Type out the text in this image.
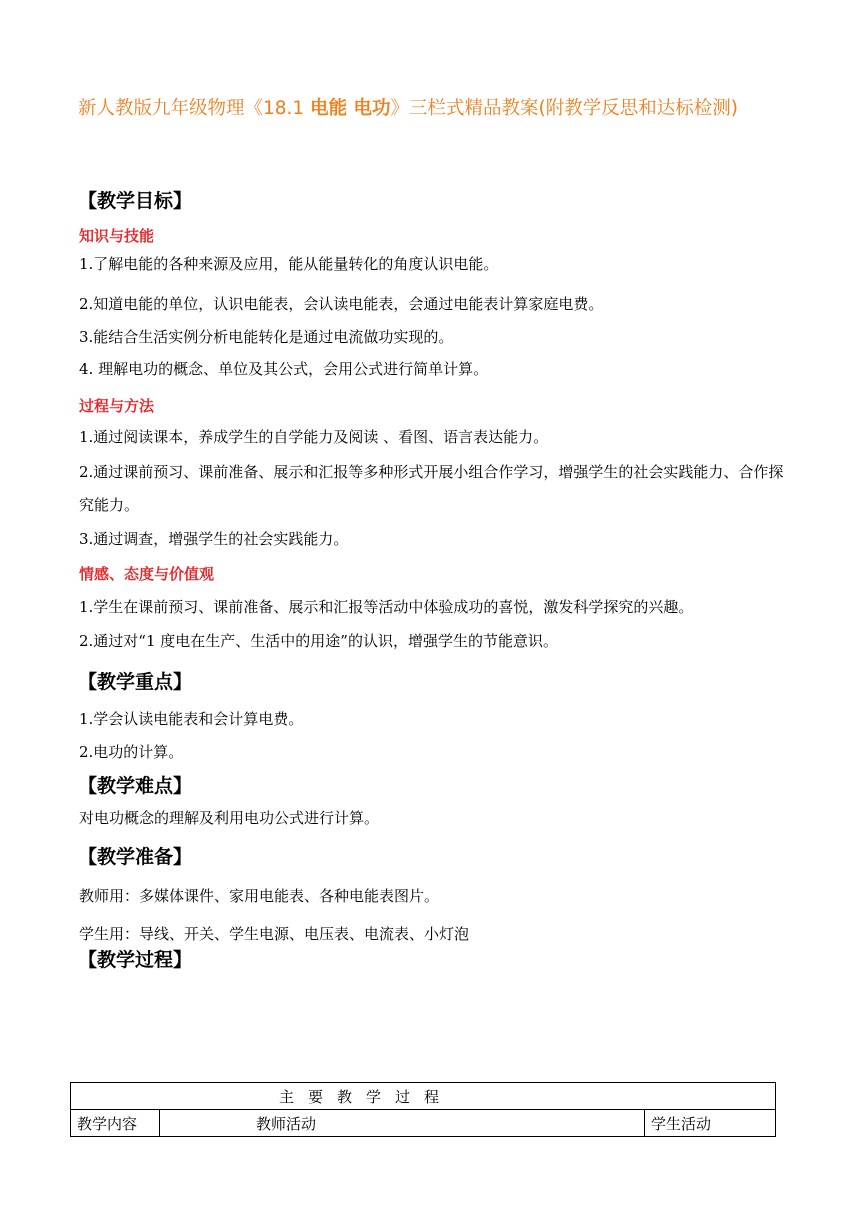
新人教版九年级物理《18.1 电能 电功》三栏式精品教案(附教学反思和达标检测)
【教学目标】
知识与技能
1.了解电能的各种来源及应用，能从能量转化的角度认识电能。
2.知道电能的单位，认识电能表，会认读电能表，会通过电能表计算家庭电费。
3.能结合生活实例分析电能转化是通过电流做功实现的。
4. 理解电功的概念、单位及其公式，会用公式进行简单计算。
过程与方法
1.通过阅读课本，养成学生的自学能力及阅读 、看图、语言表达能力。
2.通过课前预习、课前准备、展示和汇报等多种形式开展小组合作学习，增强学生的社会实践能力、合作探究能力。
3.通过调查，增强学生的社会实践能力。
情感、态度与价值观
1.学生在课前预习、课前准备、展示和汇报等活动中体验成功的喜悦，激发科学探究的兴趣。
2.通过对“1 度电在生产、生活中的用途”的认识，增强学生的节能意识。
【教学重点】
1.学会认读电能表和会计算电费。
2.电功的计算。
【教学难点】
对电功概念的理解及利用电功公式进行计算。
【教学准备】
教师用：多媒体课件、家用电能表、各种电能表图片。
学生用：导线、开关、学生电源、电压表、电流表、小灯泡
【教学过程】
主要教学过程
教学内容	教师活动	学生活动
